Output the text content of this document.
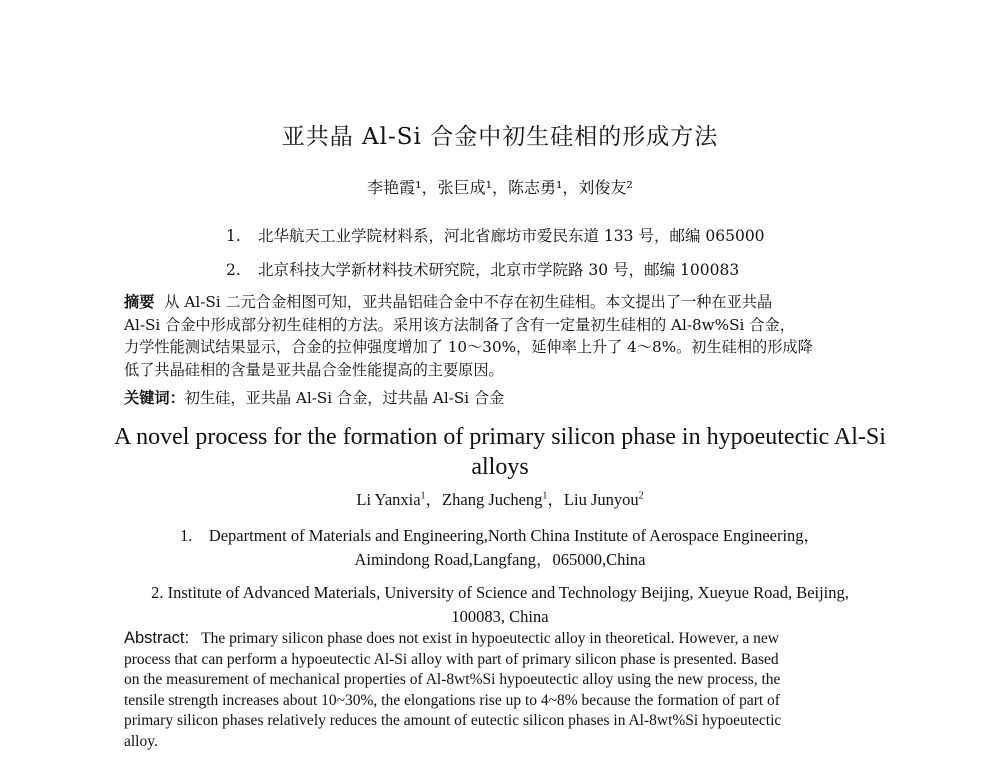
亚共晶 Al-Si 合金中初生硅相的形成方法
李艳霞¹，张巨成¹，陈志勇¹，刘俊友²
1. 北华航天工业学院材料系，河北省廊坊市爱民东道 133 号，邮编 065000
2. 北京科技大学新材料技术研究院，北京市学院路 30 号，邮编 100083
摘要 从 Al-Si 二元合金相图可知，亚共晶铝硅合金中不存在初生硅相。本文提出了一种在亚共晶
Al-Si 合金中形成部分初生硅相的方法。采用该方法制备了含有一定量初生硅相的 Al-8w%Si 合金，
力学性能测试结果显示，合金的拉伸强度增加了 10～30%，延伸率上升了 4～8%。初生硅相的形成降
低了共晶硅相的含量是亚共晶合金性能提高的主要原因。
关键词：初生硅，亚共晶 Al-Si 合金，过共晶 Al-Si 合金
A novel process for the formation of primary silicon phase in hypoeutectic Al-Si alloys
Li Yanxia$^1$，Zhang Jucheng$^1$，Liu Junyou$^2$
1.    Department of Materials and Engineering,North China Institute of Aerospace Engineering，
Aimindong Road,Langfang，065000,China
2. Institute of Advanced Materials, University of Science and Technology Beijing, Xueyue Road, Beijing,
100083, China
Abstract: The primary silicon phase does not exist in hypoeutectic alloy in theoretical. However, a new
process that can perform a hypoeutectic Al-Si alloy with part of primary silicon phase is presented. Based
on the measurement of mechanical properties of Al-8wt%Si hypoeutectic alloy using the new process, the
tensile strength increases about 10~30%, the elongations rise up to 4~8% because the formation of part of
primary silicon phases relatively reduces the amount of eutectic silicon phases in Al-8wt%Si hypoeutectic
alloy.
